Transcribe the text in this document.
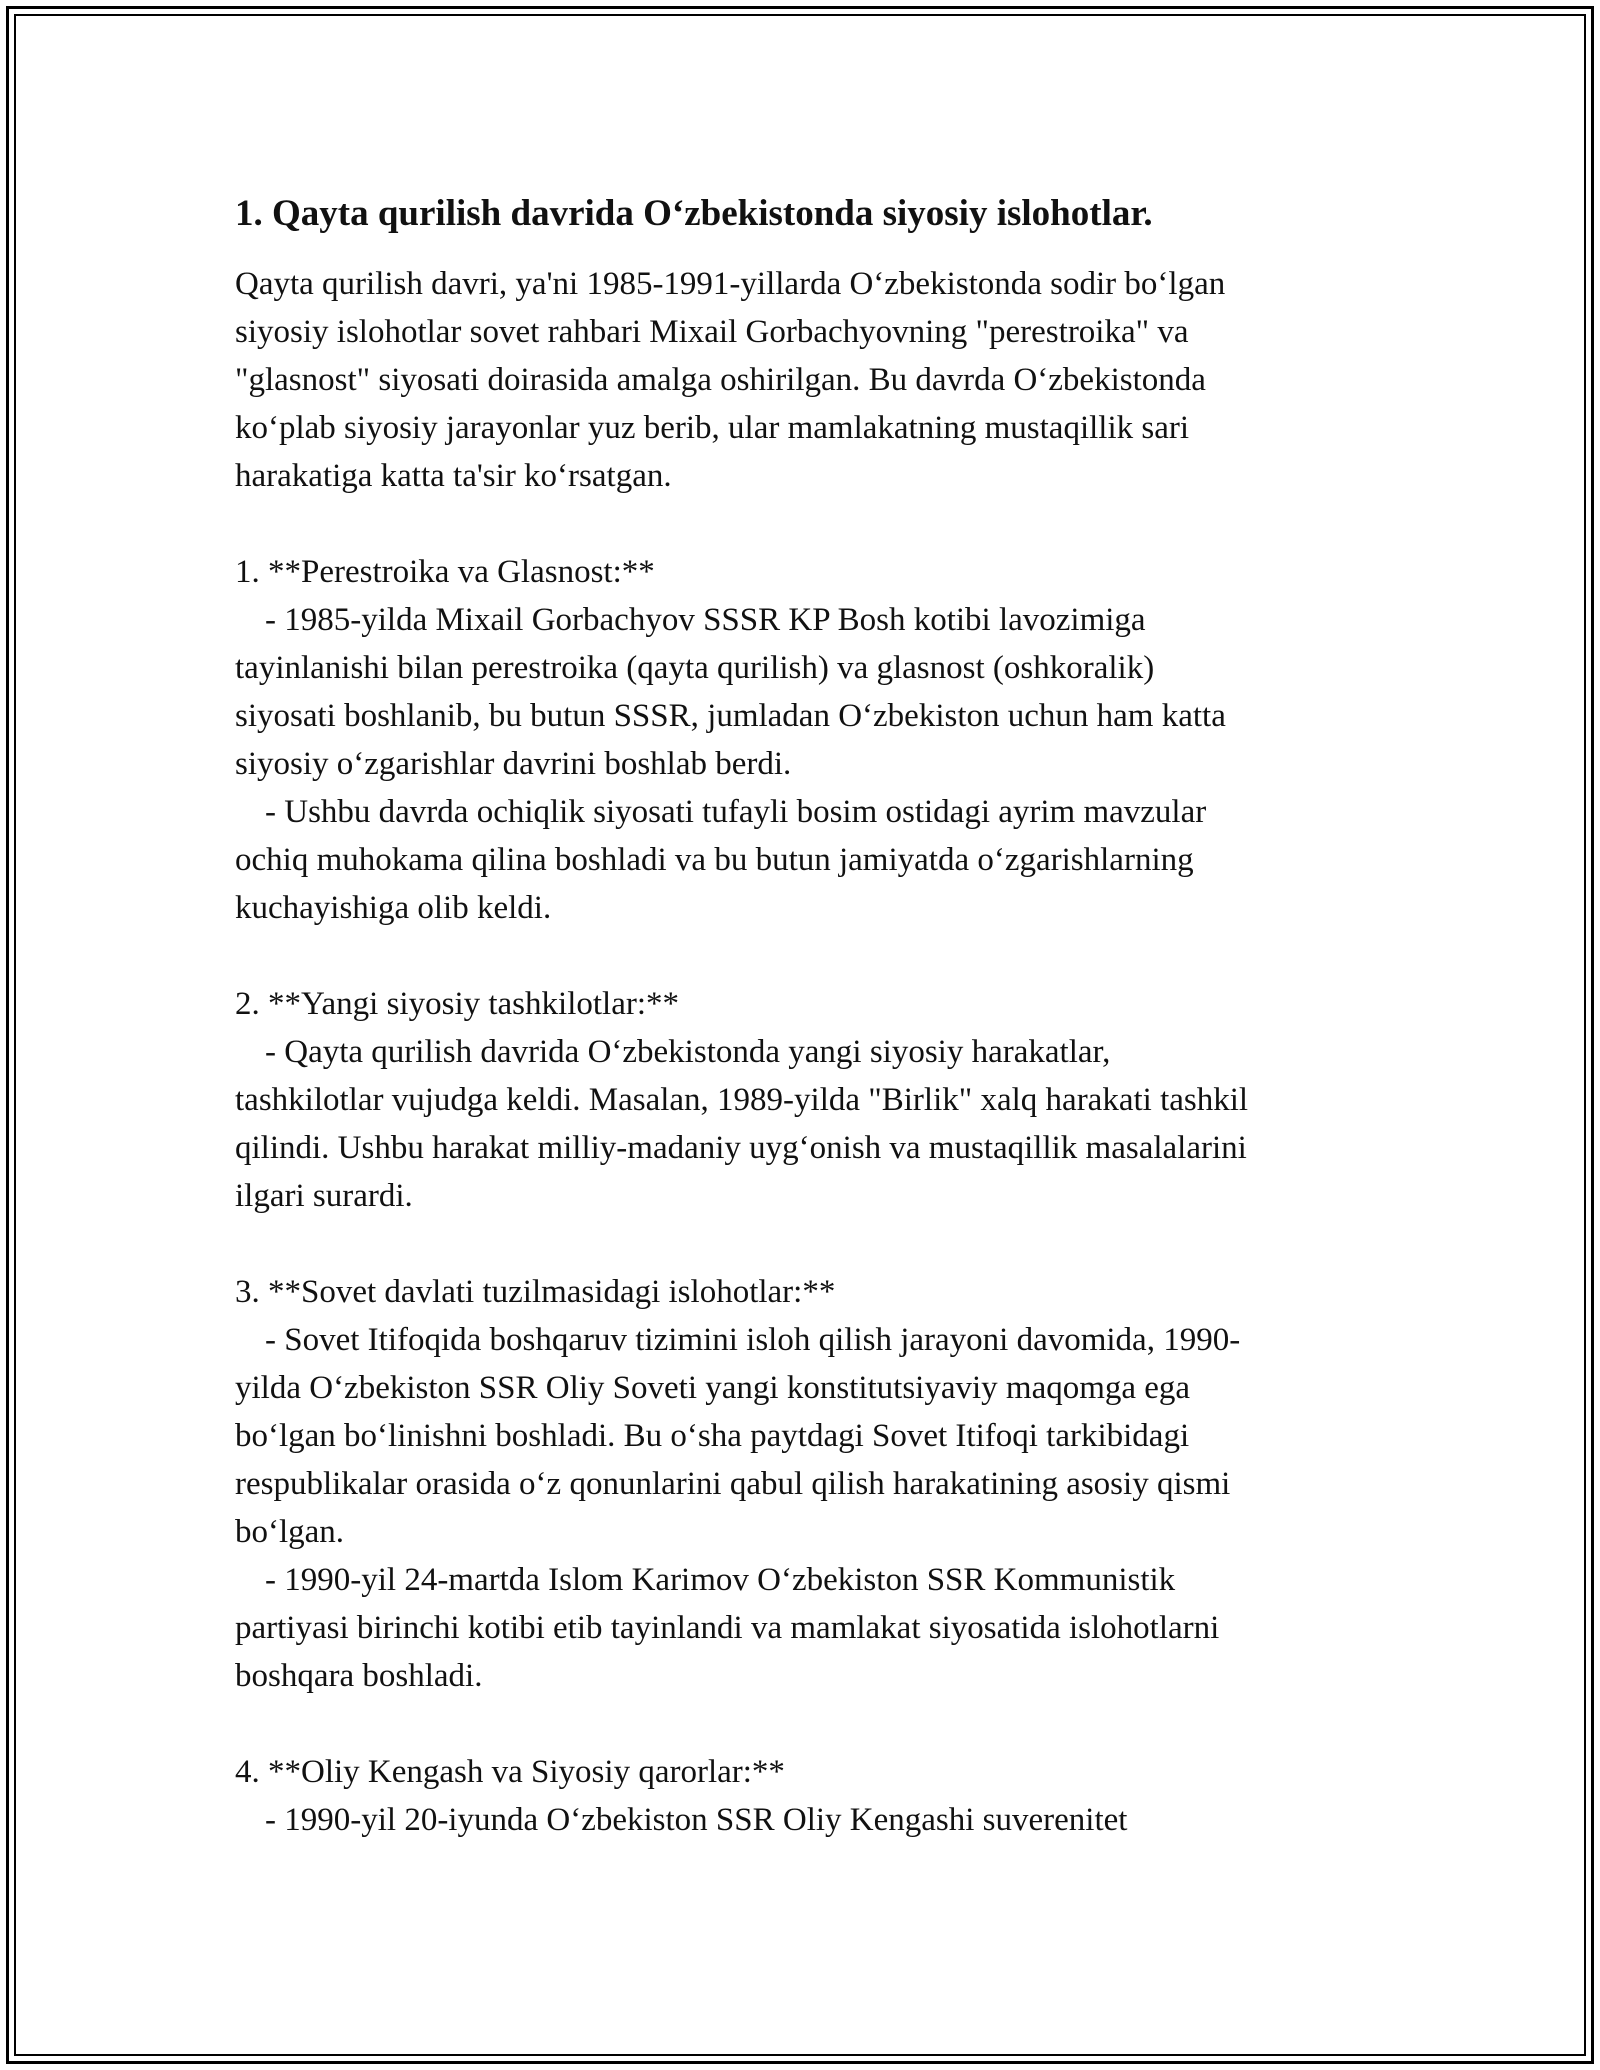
1. Qayta qurilish davrida O‘zbekistonda siyosiy islohotlar.
Qayta qurilish davri, ya'ni 1985-1991-yillarda O‘zbekistonda sodir bo‘lgan
siyosiy islohotlar sovet rahbari Mixail Gorbachyovning "perestroika" va
"glasnost" siyosati doirasida amalga oshirilgan. Bu davrda O‘zbekistonda
ko‘plab siyosiy jarayonlar yuz berib, ular mamlakatning mustaqillik sari
harakatiga katta ta'sir ko‘rsatgan.
1. **Perestroika va Glasnost:**
- 1985-yilda Mixail Gorbachyov SSSR KP Bosh kotibi lavozimiga
tayinlanishi bilan perestroika (qayta qurilish) va glasnost (oshkoralik)
siyosati boshlanib, bu butun SSSR, jumladan O‘zbekiston uchun ham katta
siyosiy o‘zgarishlar davrini boshlab berdi.
- Ushbu davrda ochiqlik siyosati tufayli bosim ostidagi ayrim mavzular
ochiq muhokama qilina boshladi va bu butun jamiyatda o‘zgarishlarning
kuchayishiga olib keldi.
2. **Yangi siyosiy tashkilotlar:**
- Qayta qurilish davrida O‘zbekistonda yangi siyosiy harakatlar,
tashkilotlar vujudga keldi. Masalan, 1989-yilda "Birlik" xalq harakati tashkil
qilindi. Ushbu harakat milliy-madaniy uyg‘onish va mustaqillik masalalarini
ilgari surardi.
3. **Sovet davlati tuzilmasidagi islohotlar:**
- Sovet Itifoqida boshqaruv tizimini isloh qilish jarayoni davomida, 1990-
yilda O‘zbekiston SSR Oliy Soveti yangi konstitutsiyaviy maqomga ega
bo‘lgan bo‘linishni boshladi. Bu o‘sha paytdagi Sovet Itifoqi tarkibidagi
respublikalar orasida o‘z qonunlarini qabul qilish harakatining asosiy qismi
bo‘lgan.
- 1990-yil 24-martda Islom Karimov O‘zbekiston SSR Kommunistik
partiyasi birinchi kotibi etib tayinlandi va mamlakat siyosatida islohotlarni
boshqara boshladi.
4. **Oliy Kengash va Siyosiy qarorlar:**
- 1990-yil 20-iyunda O‘zbekiston SSR Oliy Kengashi suverenitet
